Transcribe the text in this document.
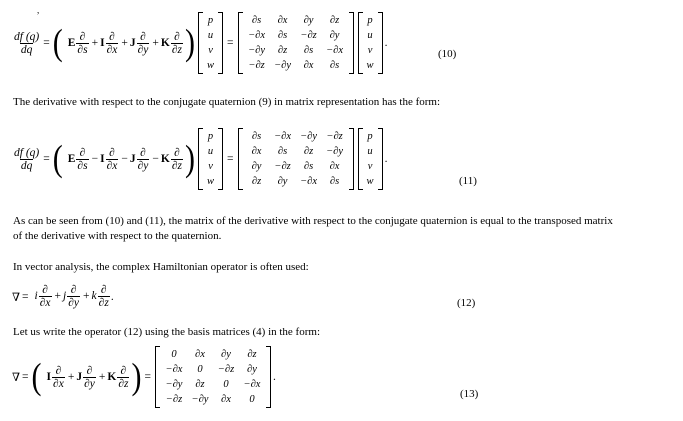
,
$\frac{df (q)}{dq}$ = ( E $\frac{\partial}{\partial s} + I \frac{\partial}{\partial x} + J \frac{\partial}{\partial y} + K \frac{\partial}{\partial z}$ )
p
u
v
w
=
∂s	∂x	∂y	∂z
−∂x	∂s	−∂z	∂y
−∂y	∂z	∂s	−∂x
−∂z	−∂y	∂x	∂s
p
u
v
w
.
(10)
The derivative with respect to the conjugate quaternion (9) in matrix representation has the form:
$\frac{df (q)}{dq}$ = ( E $\frac{\partial}{\partial s} - I \frac{\partial}{\partial x} - J \frac{\partial}{\partial y} - K \frac{\partial}{\partial z}$ )
p
u
v
w
=
∂s	−∂x	−∂y	−∂z
∂x	∂s	∂z	−∂y
∂y	−∂z	∂s	∂x
∂z	∂y	−∂x	∂s
p
u
v
w
.
(11)
As can be seen from (10) and (11), the matrix of the derivative with respect to the conjugate quaternion is equal to the transposed matrix
of the derivative with respect to the quaternion.
In vector analysis, the complex Hamiltonian operator is often used:
∇ = i $\frac{\partial}{\partial x} + j \frac{\partial}{\partial y} + k \frac{\partial}{\partial z}$ .
(12)
Let us write the operator (12) using the basis matrices (4) in the form:
∇ = ( I $\frac{\partial}{\partial x} + J \frac{\partial}{\partial y} + K \frac{\partial}{\partial z}$ ) =
0	∂x	∂y	∂z
−∂x	0	−∂z	∂y
−∂y	∂z	0	−∂x
−∂z	−∂y	∂x	0
.
(13)
